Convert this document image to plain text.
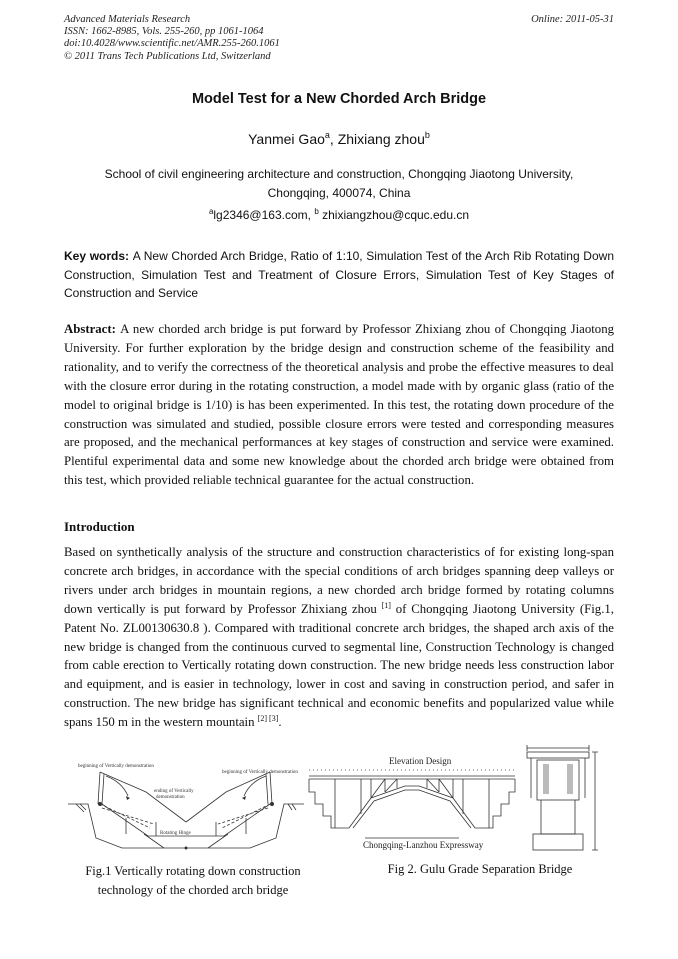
Advanced Materials Research
ISSN: 1662-8985, Vols. 255-260, pp 1061-1064
doi:10.4028/www.scientific.net/AMR.255-260.1061
© 2011 Trans Tech Publications Ltd, Switzerland
Online: 2011-05-31
Model Test for a New Chorded Arch Bridge
Yanmei Gao$^a$, Zhixiang zhou$^b$
School of civil engineering architecture and construction, Chongqing Jiaotong University, Chongqing, 400074, China
$^a$lg2346@163.com, $^b$ zhixiangzhou@cquc.edu.cn
Key words: A New Chorded Arch Bridge, Ratio of 1:10, Simulation Test of the Arch Rib Rotating Down Construction, Simulation Test and Treatment of Closure Errors, Simulation Test of Key Stages of Construction and Service
Abstract: A new chorded arch bridge is put forward by Professor Zhixiang zhou of Chongqing Jiaotong University. For further exploration by the bridge design and construction scheme of the feasibility and rationality, and to verify the correctness of the theoretical analysis and probe the effective measures to deal with the closure error during in the rotating construction, a model made with by organic glass (ratio of the model to original bridge is 1/10) is has been experimented. In this test, the rotating down procedure of the construction was simulated and studied, possible closure errors were tested and corresponding measures are proposed, and the mechanical performances at key stages of construction and service were examined. Plentiful experimental data and some new knowledge about the chorded arch bridge were obtained from this test, which provided reliable technical guarantee for the actual construction.
Introduction
Based on synthetically analysis of the structure and construction characteristics of for existing long-span concrete arch bridges, in accordance with the special conditions of arch bridges spanning deep valleys or rivers under arch bridges in mountain regions, a new chorded arch bridge formed by rotating columns down vertically is put forward by Professor Zhixiang zhou [1] of Chongqing Jiaotong University (Fig.1, Patent No. ZL00130630.8 ). Compared with traditional concrete arch bridges, the shaped arch axis of the new bridge is changed from the continuous curved to segmental line, Construction Technology is changed from cable erection to Vertically rotating down construction. The new bridge needs less construction labor and equipment, and is easier in technology, lower in cost and saving in construction period, and safer in construction. The new bridge has significant technical and economic benefits and popularized value while spans 150 m in the western mountain [2] [3].
beginning of Vertically demonstration
beginning of Vertically demonstration
ending of Vertically
demonstration
Rotating Hinge
Elevation Design
Chongqing-Lanzhou Expressway
Fig.1 Vertically rotating down construction technology of the chorded arch bridge
Fig 2. Gulu Grade Separation Bridge
